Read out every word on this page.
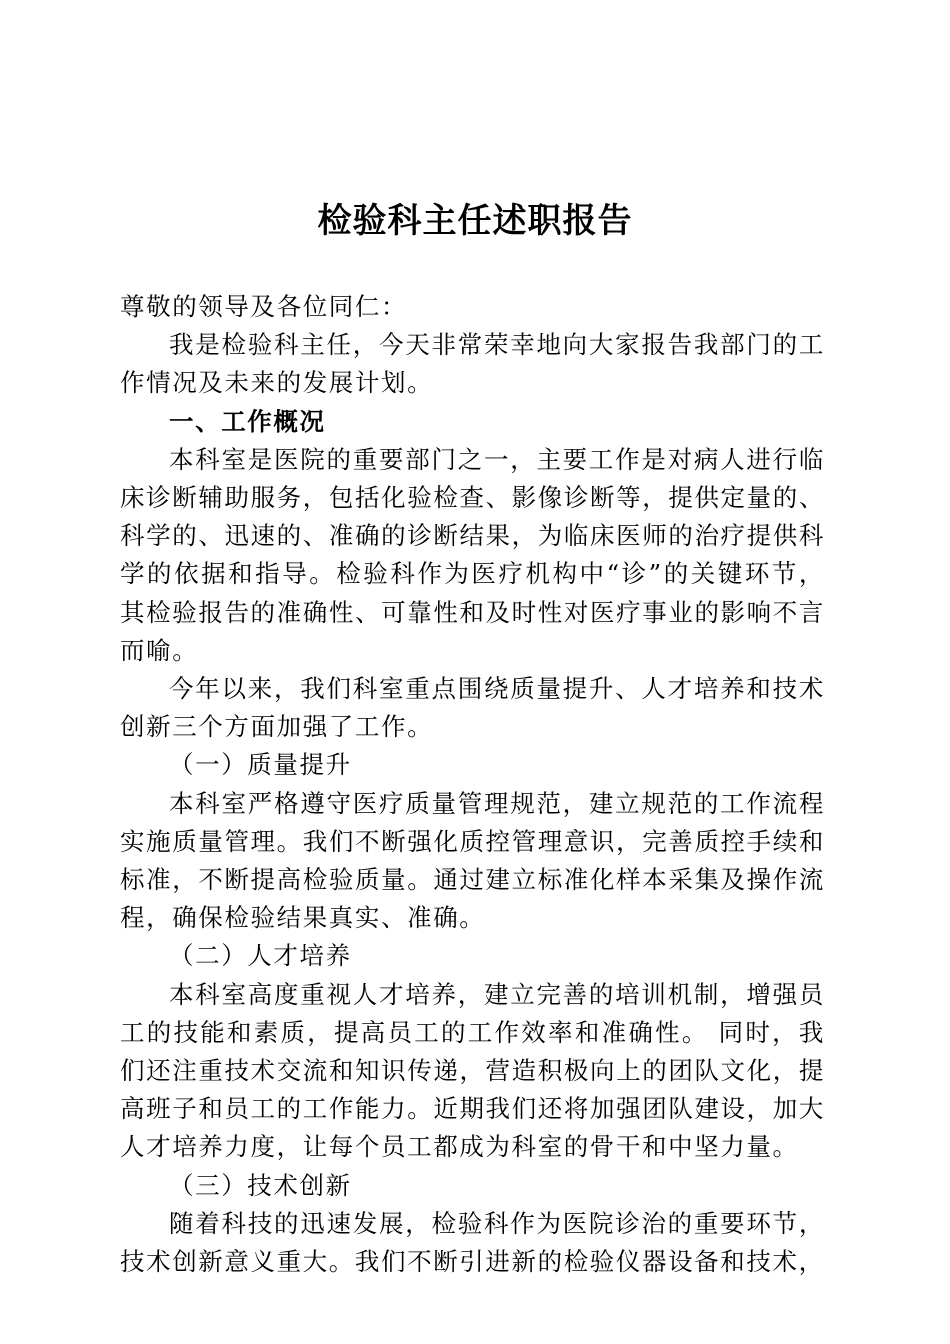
检验科主任述职报告

尊敬的领导及各位同仁：

我是检验科主任，今天非常荣幸地向大家报告我部门的工作情况及未来的发展计划。

一、工作概况

本科室是医院的重要部门之一，主要工作是对病人进行临床诊断辅助服务，包括化验检查、影像诊断等，提供定量的、科学的、迅速的、准确的诊断结果，为临床医师的治疗提供科学的依据和指导。检验科作为医疗机构中“诊”的关键环节，其检验报告的准确性、可靠性和及时性对医疗事业的影响不言而喻。

今年以来，我们科室重点围绕质量提升、人才培养和技术创新三个方面加强了工作。

（一）质量提升

本科室严格遵守医疗质量管理规范，建立规范的工作流程实施质量管理。我们不断强化质控管理意识，完善质控手续和标准，不断提高检验质量。通过建立标准化样本采集及操作流程，确保检验结果真实、准确。

（二）人才培养

本科室高度重视人才培养，建立完善的培训机制，增强员工的技能和素质，提高员工的工作效率和准确性。 同时，我们还注重技术交流和知识传递，营造积极向上的团队文化，提高班子和员工的工作能力。近期我们还将加强团队建设，加大人才培养力度，让每个员工都成为科室的骨干和中坚力量。

（三）技术创新

随着科技的迅速发展，检验科作为医院诊治的重要环节，技术创新意义重大。我们不断引进新的检验仪器设备和技术，
